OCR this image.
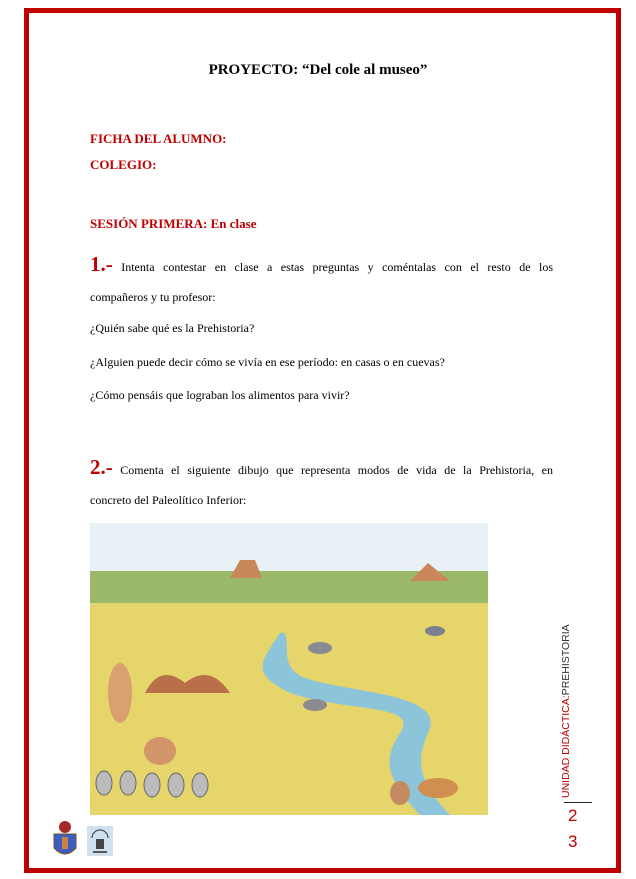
PROYECTO: “Del cole al museo”
FICHA DEL ALUMNO:
COLEGIO:
SESIÓN PRIMERA: En clase
1.- Intenta contestar en clase a estas preguntas y coméntalas con el resto de los
compañeros y tu profesor:
¿Quién sabe qué es la Prehistoria?
¿Alguien puede decir cómo se vivía en ese período: en casas o en cuevas?
¿Cómo pensáis que lograban los alimentos para vivir?
2.- Comenta el siguiente dibujo que representa modos de vida de la Prehistoria, en
concreto del Paleolítico Inferior:
UNIDAD DIDÁCTICA:PREHISTORIA
2
3
